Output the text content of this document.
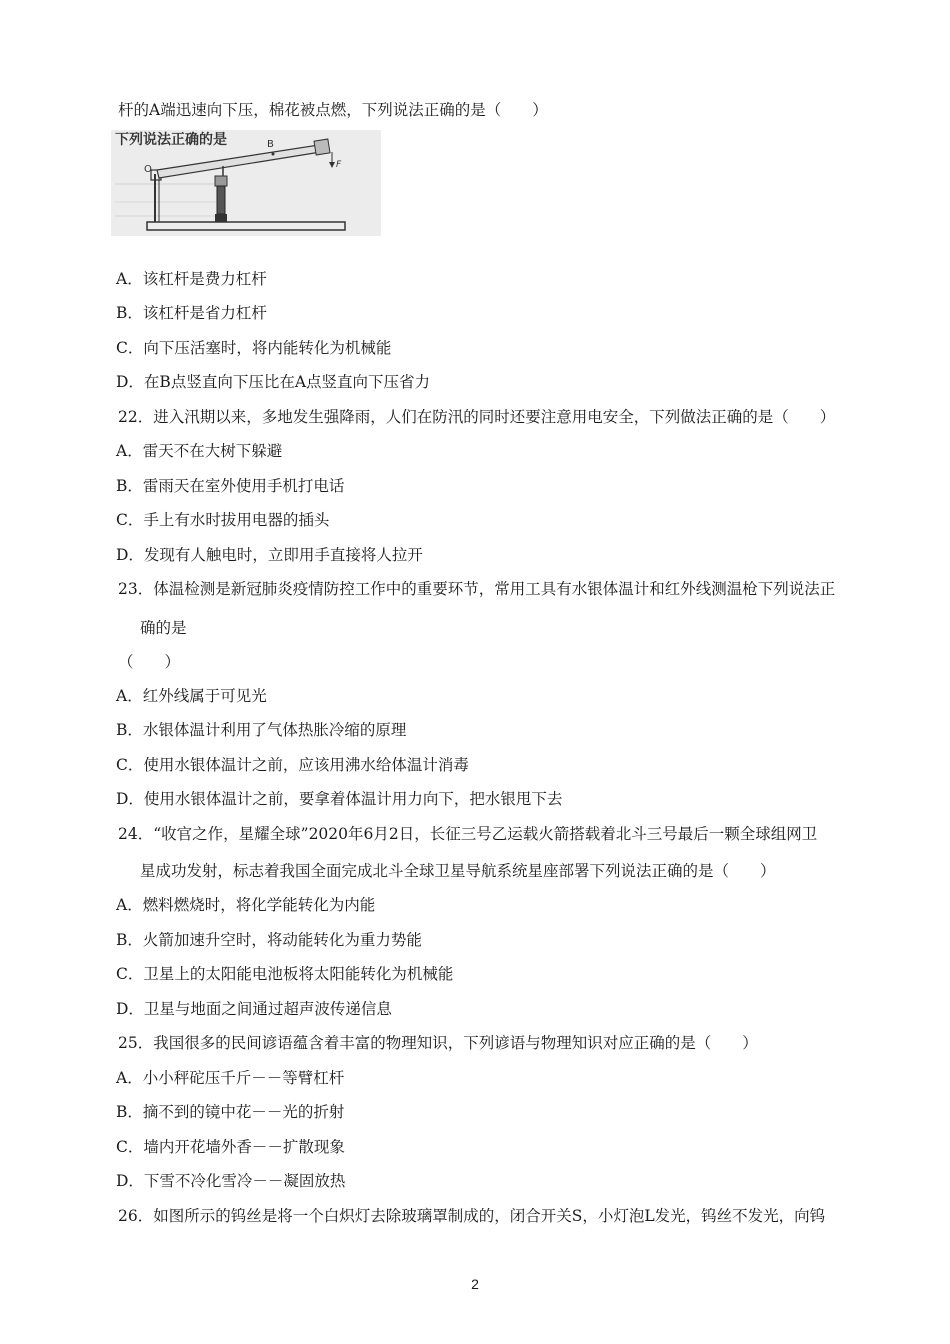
杆的A端迅速向下压，棉花被点燃，下列说法正确的是（　　）
下列说法正确的是	B
O	F
A．该杠杆是费力杠杆
B．该杠杆是省力杠杆
C．向下压活塞时，将内能转化为机械能
D．在B点竖直向下压比在A点竖直向下压省力
22．进入汛期以来，多地发生强降雨，人们在防汛的同时还要注意用电安全，下列做法正确的是（　　）
A．雷天不在大树下躲避
B．雷雨天在室外使用手机打电话
C．手上有水时拔用电器的插头
D．发现有人触电时，立即用手直接将人拉开
23．体温检测是新冠肺炎疫情防控工作中的重要环节，常用工具有水银体温计和红外线测温枪下列说法正
确的是
（　　）
A．红外线属于可见光
B．水银体温计利用了气体热胀冷缩的原理
C．使用水银体温计之前，应该用沸水给体温计消毒
D．使用水银体温计之前，要拿着体温计用力向下，把水银甩下去
24．“收官之作，星耀全球”2020年6月2日，长征三号乙运载火箭搭载着北斗三号最后一颗全球组网卫
星成功发射，标志着我国全面完成北斗全球卫星导航系统星座部署下列说法正确的是（　　）
A．燃料燃烧时，将化学能转化为内能
B．火箭加速升空时，将动能转化为重力势能
C．卫星上的太阳能电池板将太阳能转化为机械能
D．卫星与地面之间通过超声波传递信息
25．我国很多的民间谚语蕴含着丰富的物理知识，下列谚语与物理知识对应正确的是（　　）
A．小小秤砣压千斤－－等臂杠杆
B．摘不到的镜中花－－光的折射
C．墙内开花墙外香－－扩散现象
D．下雪不冷化雪冷－－凝固放热
26．如图所示的钨丝是将一个白炽灯去除玻璃罩制成的，闭合开关S，小灯泡L发光，钨丝不发光，向钨
2
